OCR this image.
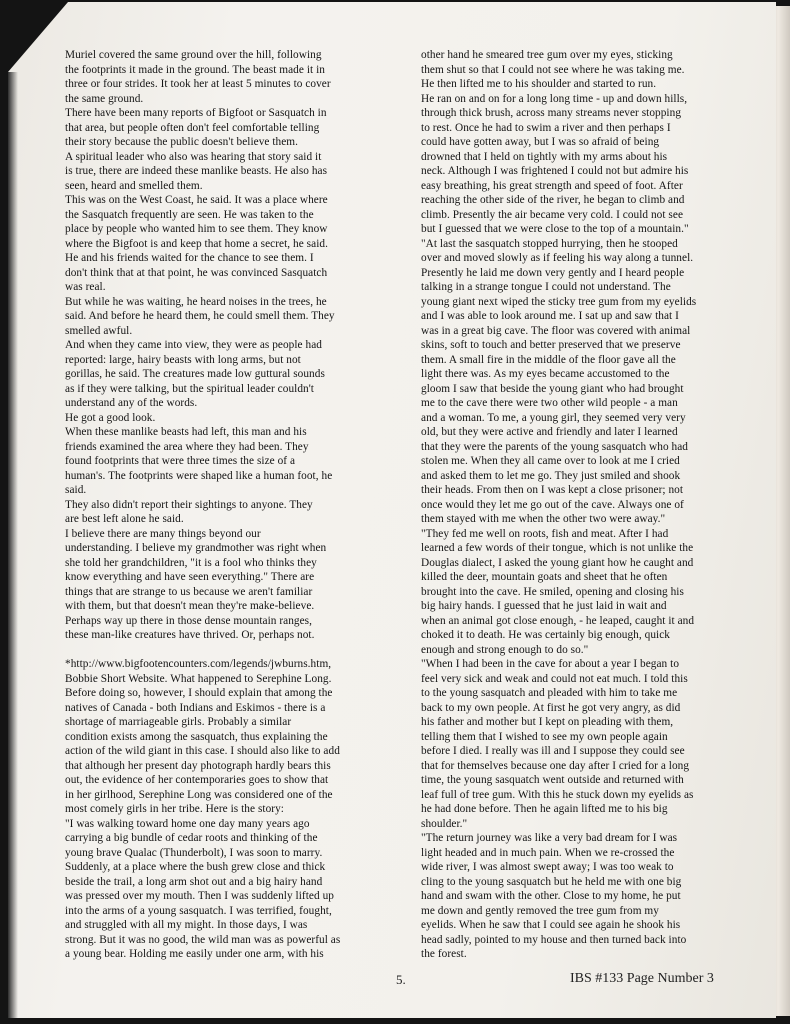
Muriel covered the same ground over the hill, following
the footprints it made in the ground. The beast made it in
three or four strides. It took her at least 5 minutes to cover
the same ground.

There have been many reports of Bigfoot or Sasquatch in
that area, but people often don't feel comfortable telling
their story because the public doesn't believe them.

A spiritual leader who also was hearing that story said it
is true, there are indeed these manlike beasts. He also has
seen, heard and smelled them.

This was on the West Coast, he said. It was a place where
the Sasquatch frequently are seen. He was taken to the
place by people who wanted him to see them. They know
where the Bigfoot is and keep that home a secret, he said.
He and his friends waited for the chance to see them. I
don't think that at that point, he was convinced Sasquatch
was real.

But while he was waiting, he heard noises in the trees, he
said. And before he heard them, he could smell them. They
smelled awful.

And when they came into view, they were as people had
reported: large, hairy beasts with long arms, but not
gorillas, he said. The creatures made low guttural sounds
as if they were talking, but the spiritual leader couldn't
understand any of the words.

He got a good look.

When these manlike beasts had left, this man and his
friends examined the area where they had been. They
found footprints that were three times the size of a
human's. The footprints were shaped like a human foot, he
said.

They also didn't report their sightings to anyone. They
are best left alone he said.

I believe there are many things beyond our
understanding. I believe my grandmother was right when
she told her grandchildren, "it is a fool who thinks they
know everything and have seen everything." There are
things that are strange to us because we aren't familiar
with them, but that doesn't mean they're make-believe.
Perhaps way up there in those dense mountain ranges,
these man-like creatures have thrived. Or, perhaps not.

*http://www.bigfootencounters.com/legends/jwburns.htm,
Bobbie Short Website. What happened to Serephine Long.
Before doing so, however, I should explain that among the
natives of Canada - both Indians and Eskimos - there is a
shortage of marriageable girls. Probably a similar
condition exists among the sasquatch, thus explaining the
action of the wild giant in this case. I should also like to add
that although her present day photograph hardly bears this
out, the evidence of her contemporaries goes to show that
in her girlhood, Serephine Long was considered one of the
most comely girls in her tribe. Here is the story:

"I was walking toward home one day many years ago
carrying a big bundle of cedar roots and thinking of the
young brave Qualac (Thunderbolt), I was soon to marry.
Suddenly, at a place where the bush grew close and thick
beside the trail, a long arm shot out and a big hairy hand
was pressed over my mouth. Then I was suddenly lifted up
into the arms of a young sasquatch. I was terrified, fought,
and struggled with all my might. In those days, I was
strong. But it was no good, the wild man was as powerful as
a young bear. Holding me easily under one arm, with his

other hand he smeared tree gum over my eyes, sticking
them shut so that I could not see where he was taking me.
He then lifted me to his shoulder and started to run.
He ran on and on for a long long time - up and down hills,
through thick brush, across many streams never stopping
to rest. Once he had to swim a river and then perhaps I
could have gotten away, but I was so afraid of being
drowned that I held on tightly with my arms about his
neck. Although I was frightened I could not but admire his
easy breathing, his great strength and speed of foot. After
reaching the other side of the river, he began to climb and
climb. Presently the air became very cold. I could not see
but I guessed that we were close to the top of a mountain."

"At last the sasquatch stopped hurrying, then he stooped
over and moved slowly as if feeling his way along a tunnel.
Presently he laid me down very gently and I heard people
talking in a strange tongue I could not understand. The
young giant next wiped the sticky tree gum from my eyelids
and I was able to look around me. I sat up and saw that I
was in a great big cave. The floor was covered with animal
skins, soft to touch and better preserved that we preserve
them. A small fire in the middle of the floor gave all the
light there was. As my eyes became accustomed to the
gloom I saw that beside the young giant who had brought
me to the cave there were two other wild people - a man
and a woman. To me, a young girl, they seemed very very
old, but they were active and friendly and later I learned
that they were the parents of the young sasquatch who had
stolen me. When they all came over to look at me I cried
and asked them to let me go. They just smiled and shook
their heads. From then on I was kept a close prisoner; not
once would they let me go out of the cave. Always one of
them stayed with me when the other two were away."

"They fed me well on roots, fish and meat. After I had
learned a few words of their tongue, which is not unlike the
Douglas dialect, I asked the young giant how he caught and
killed the deer, mountain goats and sheet that he often
brought into the cave. He smiled, opening and closing his
big hairy hands. I guessed that he just laid in wait and
when an animal got close enough, - he leaped, caught it and
choked it to death. He was certainly big enough, quick
enough and strong enough to do so."

"When I had been in the cave for about a year I began to
feel very sick and weak and could not eat much. I told this
to the young sasquatch and pleaded with him to take me
back to my own people. At first he got very angry, as did
his father and mother but I kept on pleading with them,
telling them that I wished to see my own people again
before I died. I really was ill and I suppose they could see
that for themselves because one day after I cried for a long
time, the young sasquatch went outside and returned with
leaf full of tree gum. With this he stuck down my eyelids as
he had done before. Then he again lifted me to his big
shoulder."

"The return journey was like a very bad dream for I was
light headed and in much pain. When we re-crossed the
wide river, I was almost swept away; I was too weak to
cling to the young sasquatch but he held me with one big
hand and swam with the other. Close to my home, he put
me down and gently removed the tree gum from my
eyelids. When he saw that I could see again he shook his
head sadly, pointed to my house and then turned back into
the forest.

5.	IBS #133 Page Number 3
